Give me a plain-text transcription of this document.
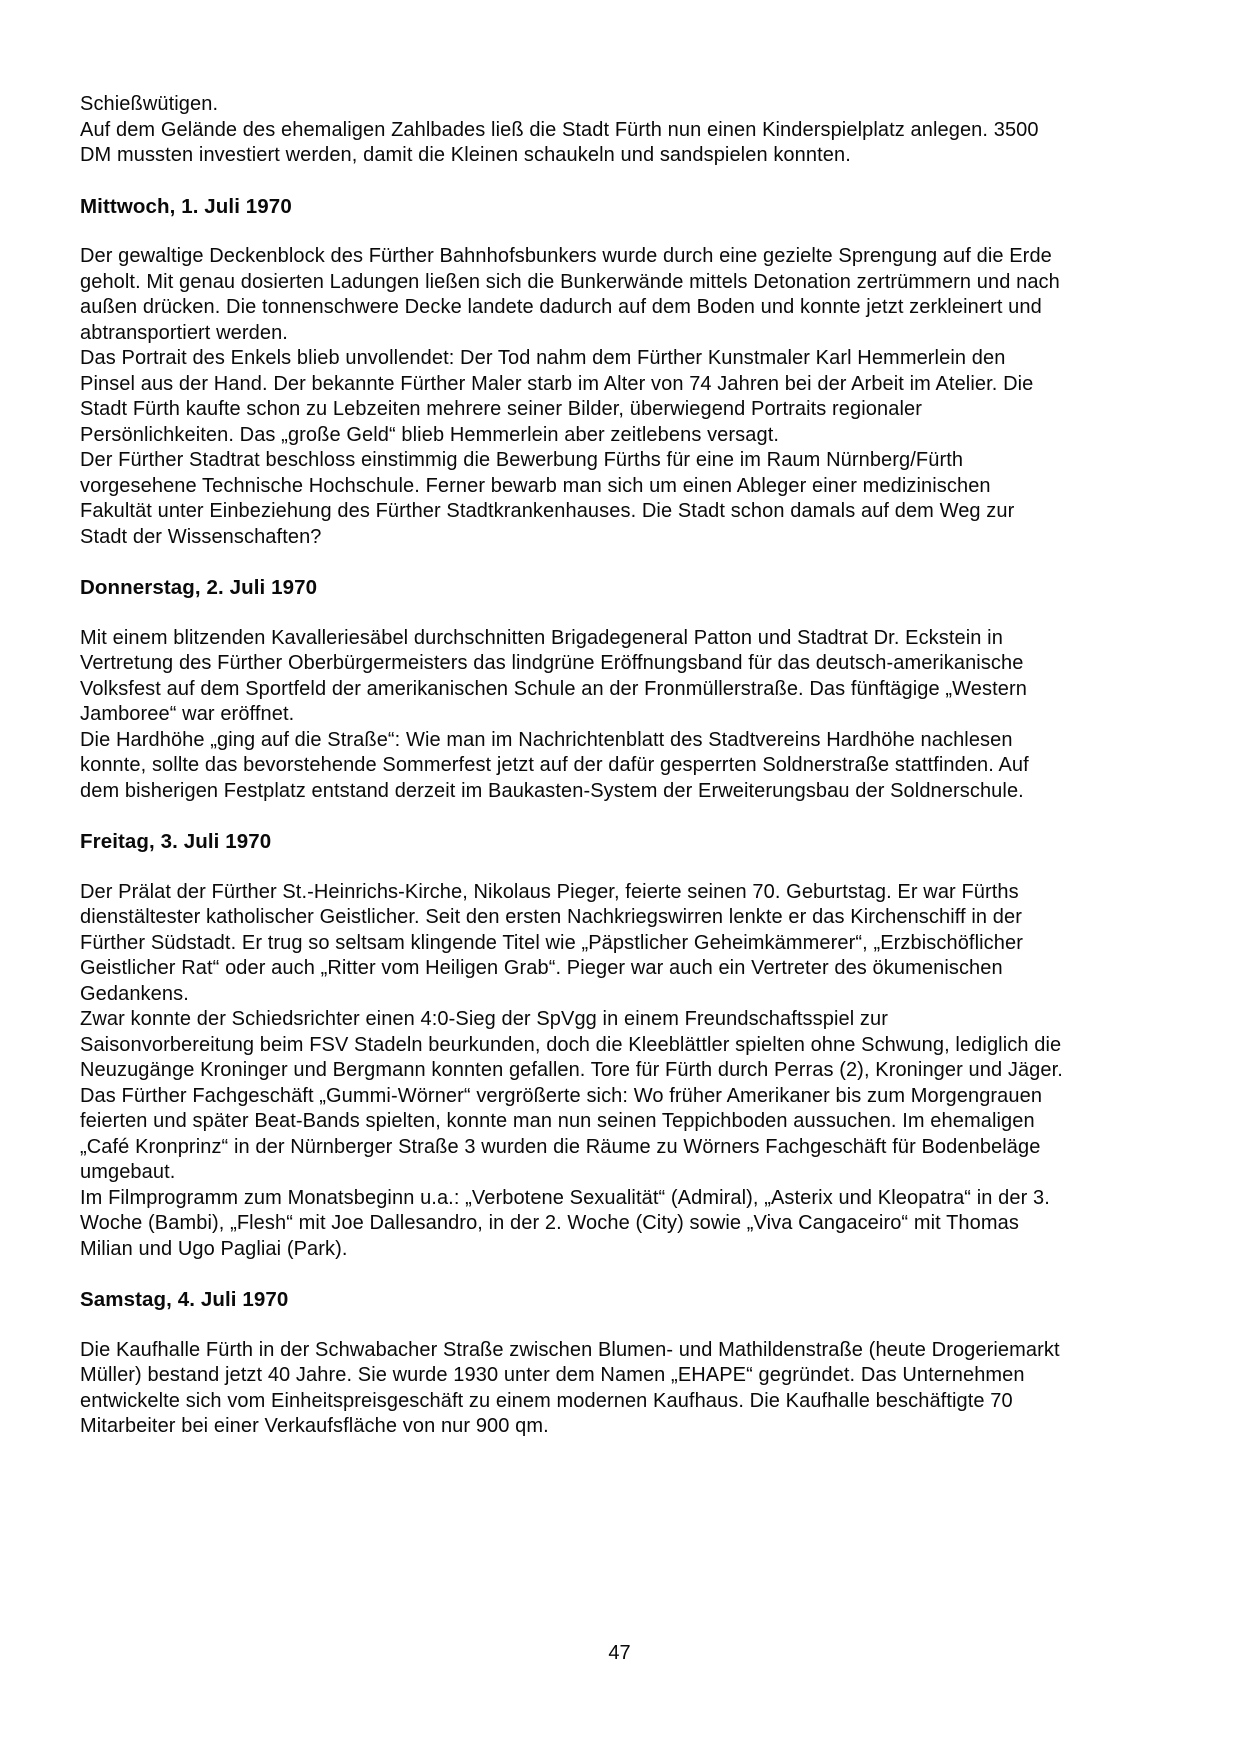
Schießwütigen.

Auf dem Gelände des ehemaligen Zahlbades ließ die Stadt Fürth nun einen Kinderspielplatz anlegen. 3500 DM mussten investiert werden, damit die Kleinen schaukeln und sandspielen konnten.

Mittwoch, 1. Juli 1970

Der gewaltige Deckenblock des Fürther Bahnhofsbunkers wurde durch eine gezielte Sprengung auf die Erde geholt. Mit genau dosierten Ladungen ließen sich die Bunkerwände mittels Detonation zertrümmern und nach außen drücken. Die tonnenschwere Decke landete dadurch auf dem Boden und konnte jetzt zerkleinert und abtransportiert werden.

Das Portrait des Enkels blieb unvollendet: Der Tod nahm dem Fürther Kunstmaler Karl Hemmerlein den Pinsel aus der Hand. Der bekannte Fürther Maler starb im Alter von 74 Jahren bei der Arbeit im Atelier. Die Stadt Fürth kaufte schon zu Lebzeiten mehrere seiner Bilder, überwiegend Portraits regionaler Persönlichkeiten. Das „große Geld“ blieb Hemmerlein aber zeitlebens versagt.

Der Fürther Stadtrat beschloss einstimmig die Bewerbung Fürths für eine im Raum Nürnberg/Fürth vorgesehene Technische Hochschule. Ferner bewarb man sich um einen Ableger einer medizinischen Fakultät unter Einbeziehung des Fürther Stadtkrankenhauses. Die Stadt schon damals auf dem Weg zur Stadt der Wissenschaften?

Donnerstag, 2. Juli 1970

Mit einem blitzenden Kavalleriesäbel durchschnitten Brigadegeneral Patton und Stadtrat Dr. Eckstein in Vertretung des Fürther Oberbürgermeisters das lindgrüne Eröffnungsband für das deutsch-amerikanische Volksfest auf dem Sportfeld der amerikanischen Schule an der Fronmüllerstraße. Das fünftägige „Western Jamboree“ war eröffnet.

Die Hardhöhe „ging auf die Straße“: Wie man im Nachrichtenblatt des Stadtvereins Hardhöhe nachlesen konnte, sollte das bevorstehende Sommerfest jetzt auf der dafür gesperrten Soldnerstraße stattfinden. Auf dem bisherigen Festplatz entstand derzeit im Baukasten-System der Erweiterungsbau der Soldnerschule.

Freitag, 3. Juli 1970

Der Prälat der Fürther St.-Heinrichs-Kirche, Nikolaus Pieger, feierte seinen 70. Geburtstag. Er war Fürths dienstältester katholischer Geistlicher. Seit den ersten Nachkriegswirren lenkte er das Kirchenschiff in der Fürther Südstadt. Er trug so seltsam klingende Titel wie „Päpstlicher Geheimkämmerer“, „Erzbischöflicher Geistlicher Rat“ oder auch „Ritter vom Heiligen Grab“. Pieger war auch ein Vertreter des ökumenischen Gedankens.

Zwar konnte der Schiedsrichter einen 4:0-Sieg der SpVgg in einem Freundschaftsspiel zur Saisonvorbereitung beim FSV Stadeln beurkunden, doch die Kleeblättler spielten ohne Schwung, lediglich die Neuzugänge Kroninger und Bergmann konnten gefallen. Tore für Fürth durch Perras (2), Kroninger und Jäger.

Das Fürther Fachgeschäft „Gummi-Wörner“ vergrößerte sich: Wo früher Amerikaner bis zum Morgengrauen feierten und später Beat-Bands spielten, konnte man nun seinen Teppichboden aussuchen. Im ehemaligen „Café Kronprinz“ in der Nürnberger Straße 3 wurden die Räume zu Wörners Fachgeschäft für Bodenbeläge umgebaut.

Im Filmprogramm zum Monatsbeginn u.a.: „Verbotene Sexualität“ (Admiral), „Asterix und Kleopatra“ in der 3. Woche (Bambi), „Flesh“ mit Joe Dallesandro, in der 2. Woche (City) sowie „Viva Cangaceiro“ mit Thomas Milian und Ugo Pagliai (Park).

Samstag, 4. Juli 1970

Die Kaufhalle Fürth in der Schwabacher Straße zwischen Blumen- und Mathildenstraße (heute Drogeriemarkt Müller) bestand jetzt 40 Jahre. Sie wurde 1930 unter dem Namen „EHAPE“ gegründet. Das Unternehmen entwickelte sich vom Einheitspreisgeschäft zu einem modernen Kaufhaus. Die Kaufhalle beschäftigte 70 Mitarbeiter bei einer Verkaufsfläche von nur 900 qm.

47
